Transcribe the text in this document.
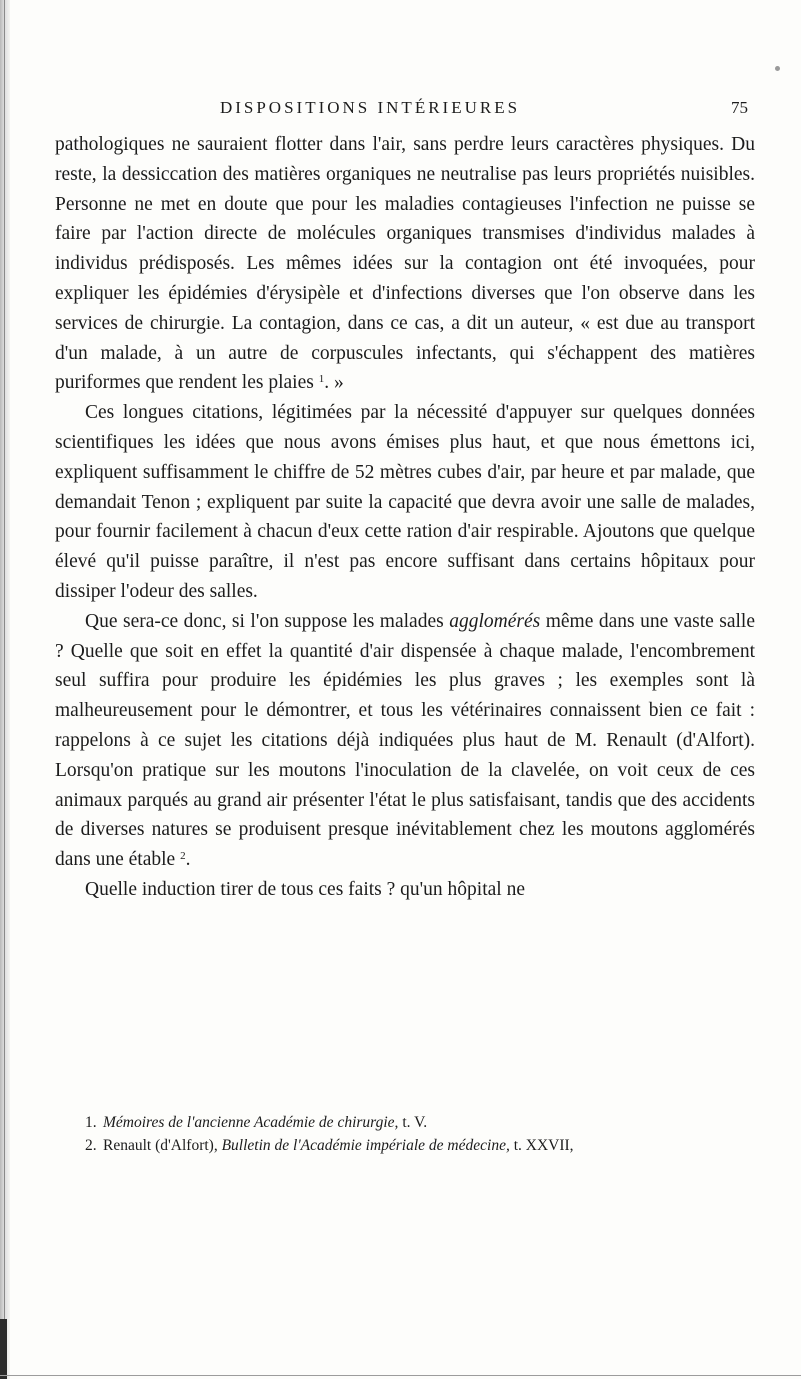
DISPOSITIONS INTÉRIEURES	75

pathologiques ne sauraient flotter dans l'air, sans perdre leurs caractères physiques. Du reste, la dessiccation des matières organiques ne neutralise pas leurs propriétés nuisibles. Personne ne met en doute que pour les maladies contagieuses l'infection ne puisse se faire par l'action directe de molécules organiques transmises d'individus malades à individus prédisposés. Les mêmes idées sur la contagion ont été invoquées, pour expliquer les épidémies d'érysipèle et d'infections diverses que l'on observe dans les services de chirurgie. La contagion, dans ce cas, a dit un auteur, « est due au transport d'un malade, à un autre de corpuscules infectants, qui s'échappent des matières puriformes que rendent les plaies $^1$. »

Ces longues citations, légitimées par la nécessité d'appuyer sur quelques données scientifiques les idées que nous avons émises plus haut, et que nous émettons ici, expliquent suffisamment le chiffre de 52 mètres cubes d'air, par heure et par malade, que demandait Tenon ; expliquent par suite la capacité que devra avoir une salle de malades, pour fournir facilement à chacun d'eux cette ration d'air respirable. Ajoutons que quelque élevé qu'il puisse paraître, il n'est pas encore suffisant dans certains hôpitaux pour dissiper l'odeur des salles.

Que sera-ce donc, si l'on suppose les malades agglomérés même dans une vaste salle ? Quelle que soit en effet la quantité d'air dispensée à chaque malade, l'encombrement seul suffira pour produire les épidémies les plus graves ; les exemples sont là malheureusement pour le démontrer, et tous les vétérinaires connaissent bien ce fait : rappelons à ce sujet les citations déjà indiquées plus haut de M. Renault (d'Alfort). Lorsqu'on pratique sur les moutons l'inoculation de la clavelée, on voit ceux de ces animaux parqués au grand air présenter l'état le plus satisfaisant, tandis que des accidents de diverses natures se produisent presque inévitablement chez les moutons agglomérés dans une étable $^2$.

Quelle induction tirer de tous ces faits ? qu'un hôpital ne

1. Mémoires de l'ancienne Académie de chirurgie, t. V.

2. Renault (d'Alfort), Bulletin de l'Académie impériale de médecine, t. XXVII,
